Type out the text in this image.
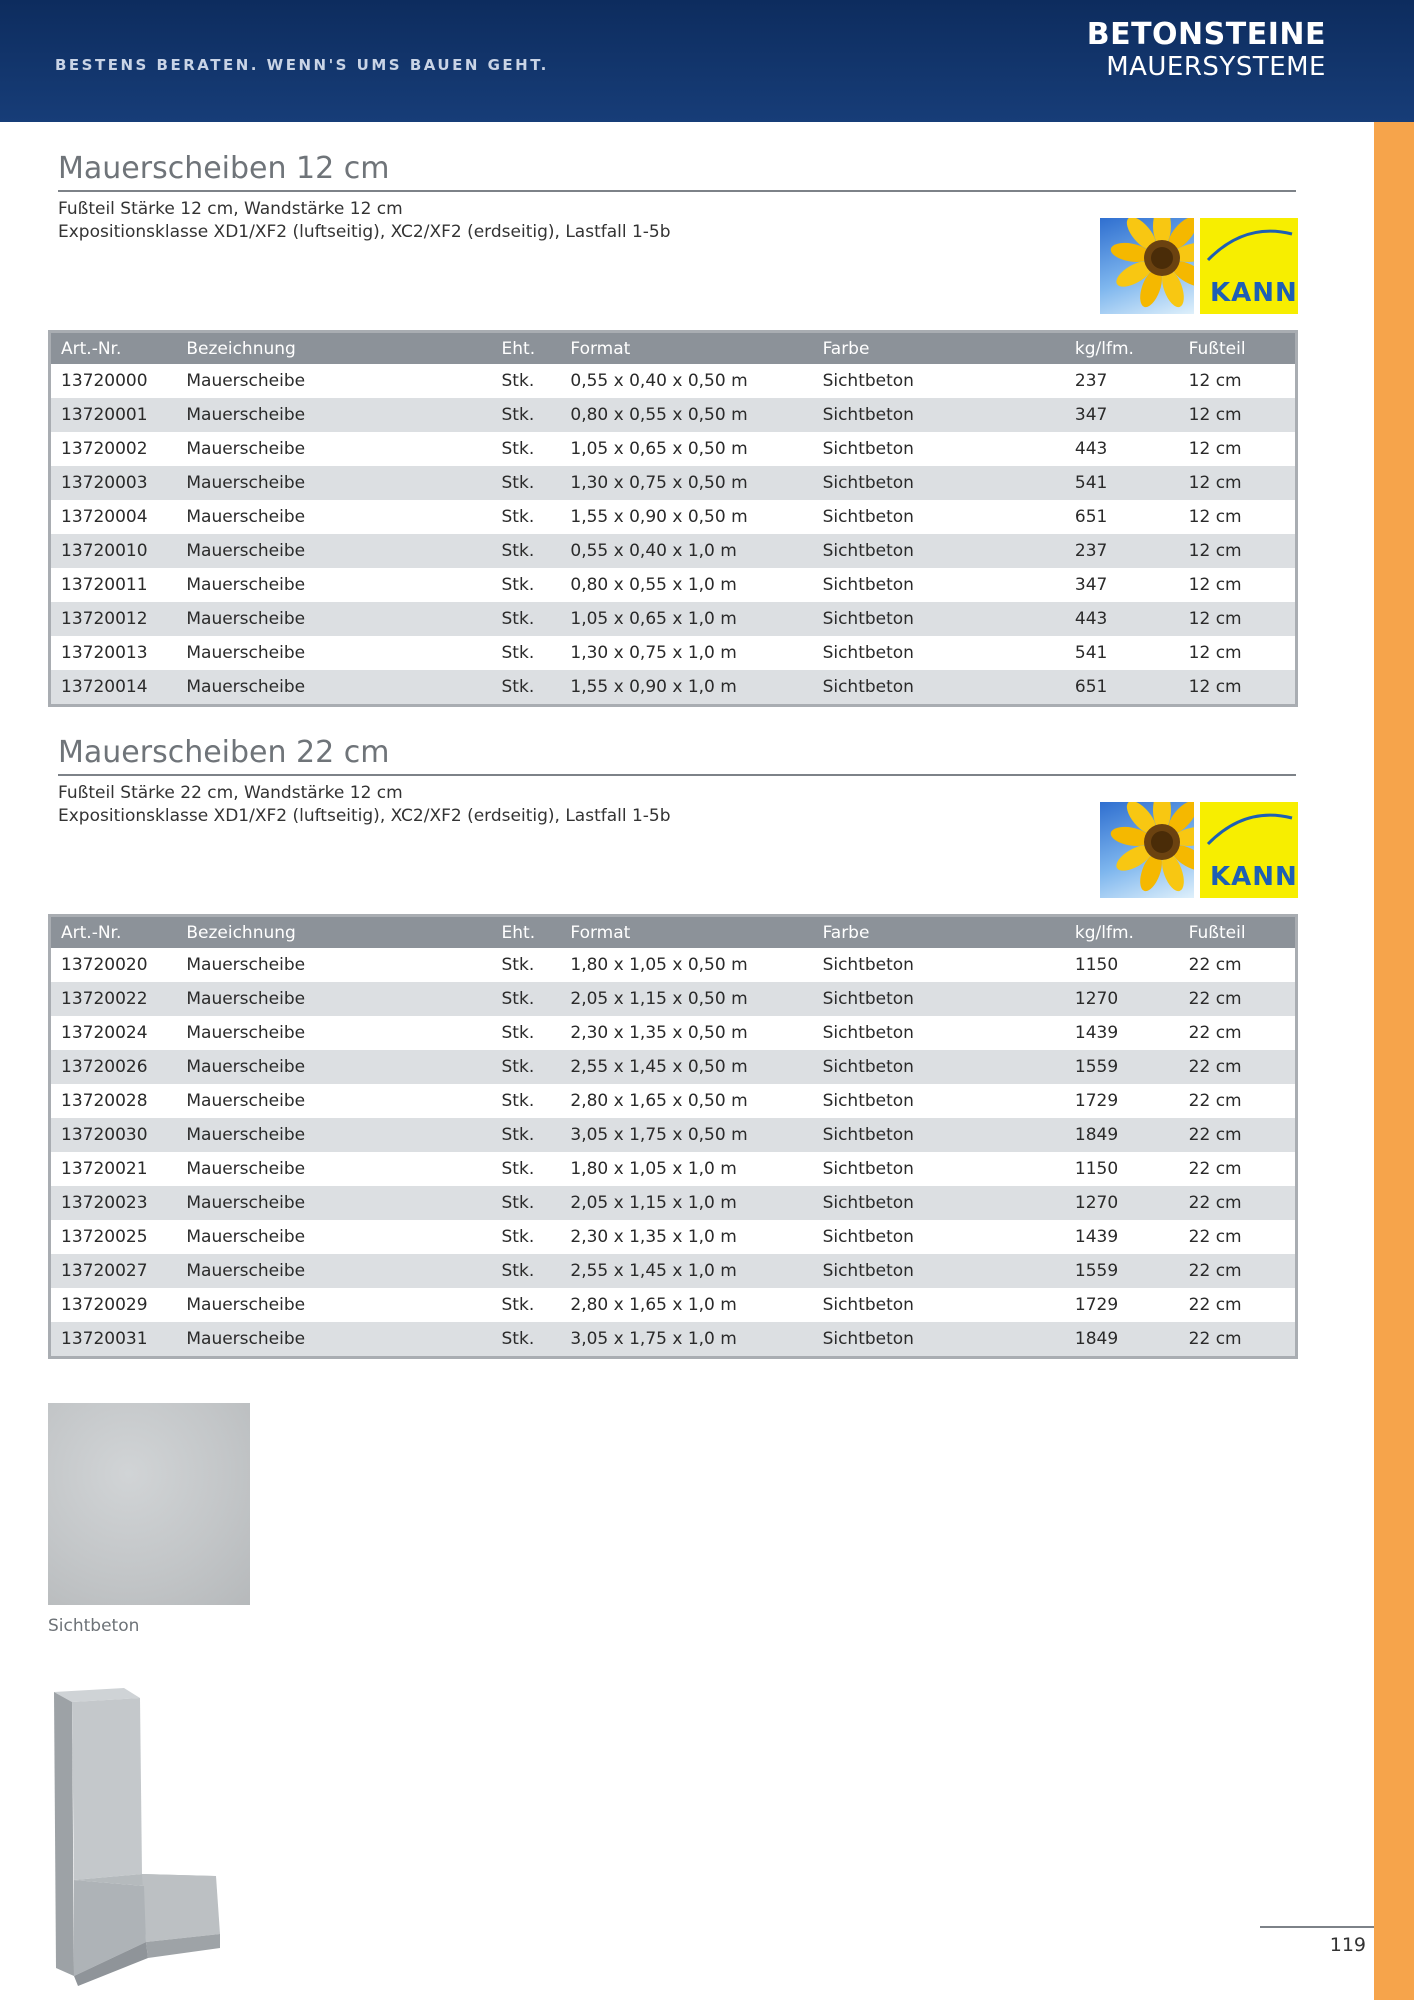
BESTENS BERATEN. WENN'S UMS BAUEN GEHT.
BETONSTEINE
MAUERSYSTEME
Mauerscheiben 12 cm
Fußteil Stärke 12 cm, Wandstärke 12 cm
Expositionsklasse XD1/XF2 (luftseitig), XC2/XF2 (erdseitig), Lastfall 1-5b
KANN
Art.-Nr.	Bezeichnung	Eht.	Format	Farbe	kg/lfm.	Fußteil
13720000	Mauerscheibe	Stk.	0,55 x 0,40 x 0,50 m	Sichtbeton	237	12 cm
13720001	Mauerscheibe	Stk.	0,80 x 0,55 x 0,50 m	Sichtbeton	347	12 cm
13720002	Mauerscheibe	Stk.	1,05 x 0,65 x 0,50 m	Sichtbeton	443	12 cm
13720003	Mauerscheibe	Stk.	1,30 x 0,75 x 0,50 m	Sichtbeton	541	12 cm
13720004	Mauerscheibe	Stk.	1,55 x 0,90 x 0,50 m	Sichtbeton	651	12 cm
13720010	Mauerscheibe	Stk.	0,55 x 0,40 x 1,0 m	Sichtbeton	237	12 cm
13720011	Mauerscheibe	Stk.	0,80 x 0,55 x 1,0 m	Sichtbeton	347	12 cm
13720012	Mauerscheibe	Stk.	1,05 x 0,65 x 1,0 m	Sichtbeton	443	12 cm
13720013	Mauerscheibe	Stk.	1,30 x 0,75 x 1,0 m	Sichtbeton	541	12 cm
13720014	Mauerscheibe	Stk.	1,55 x 0,90 x 1,0 m	Sichtbeton	651	12 cm
Mauerscheiben 22 cm
Fußteil Stärke 22 cm, Wandstärke 12 cm
Expositionsklasse XD1/XF2 (luftseitig), XC2/XF2 (erdseitig), Lastfall 1-5b
KANN
Art.-Nr.	Bezeichnung	Eht.	Format	Farbe	kg/lfm.	Fußteil
13720020	Mauerscheibe	Stk.	1,80 x 1,05 x 0,50 m	Sichtbeton	1150	22 cm
13720022	Mauerscheibe	Stk.	2,05 x 1,15 x 0,50 m	Sichtbeton	1270	22 cm
13720024	Mauerscheibe	Stk.	2,30 x 1,35 x 0,50 m	Sichtbeton	1439	22 cm
13720026	Mauerscheibe	Stk.	2,55 x 1,45 x 0,50 m	Sichtbeton	1559	22 cm
13720028	Mauerscheibe	Stk.	2,80 x 1,65 x 0,50 m	Sichtbeton	1729	22 cm
13720030	Mauerscheibe	Stk.	3,05 x 1,75 x 0,50 m	Sichtbeton	1849	22 cm
13720021	Mauerscheibe	Stk.	1,80 x 1,05 x 1,0 m	Sichtbeton	1150	22 cm
13720023	Mauerscheibe	Stk.	2,05 x 1,15 x 1,0 m	Sichtbeton	1270	22 cm
13720025	Mauerscheibe	Stk.	2,30 x 1,35 x 1,0 m	Sichtbeton	1439	22 cm
13720027	Mauerscheibe	Stk.	2,55 x 1,45 x 1,0 m	Sichtbeton	1559	22 cm
13720029	Mauerscheibe	Stk.	2,80 x 1,65 x 1,0 m	Sichtbeton	1729	22 cm
13720031	Mauerscheibe	Stk.	3,05 x 1,75 x 1,0 m	Sichtbeton	1849	22 cm
Sichtbeton
119
